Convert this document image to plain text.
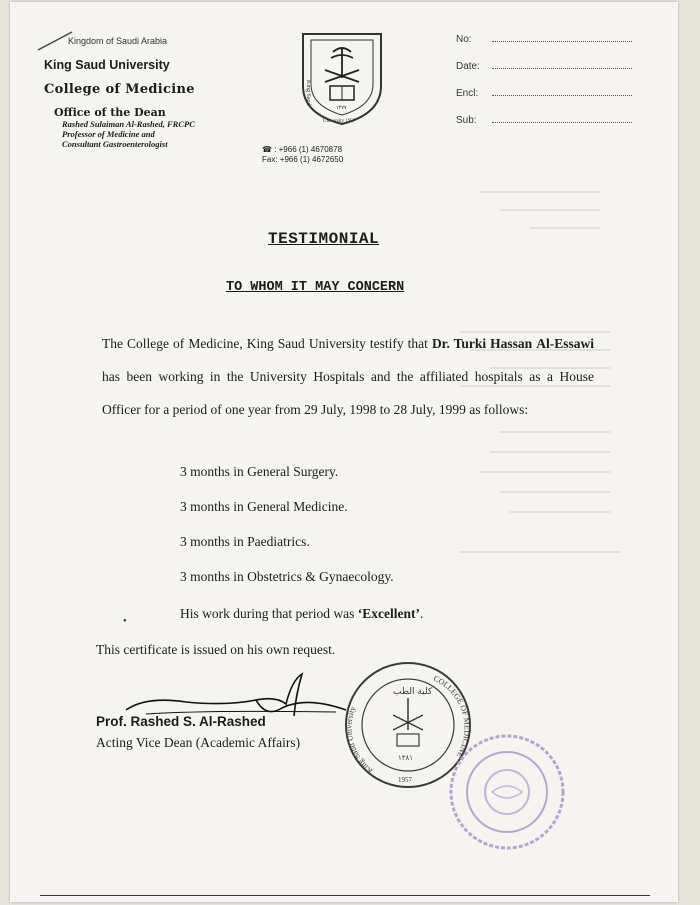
Kingdom of Saudi Arabia
King Saud University
College of Medicine
Office of the Dean
Rashed Sulaiman Al-Rashed, FRCPC
Professor of Medicine and
Consultant Gastroenterologist
King Saud
University 1957
١٣٧٧
☎ : +966 (1) 4670878
Fax: +966 (1) 4672650
No:
Date:
Encl:
Sub:
TESTIMONIAL
TO WHOM IT MAY CONCERN
The College of Medicine, King Saud University testify that Dr. Turki Hassan Al-Essawi has been working in the University Hospitals and the affiliated hospitals as a House Officer for a period of one year from 29 July, 1998 to 28 July, 1999 as follows:
3 months in General Surgery.
3 months in General Medicine.
3 months in Paediatrics.
3 months in Obstetrics & Gynaecology.
•
His work during that period was ‘Excellent’.
This certificate is issued on his own request.
Prof. Rashed S. Al-Rashed
Acting Vice Dean (Academic Affairs)
King Saud University
COLLEGE OF MEDICINE
كلية الطب
١٣٨١
1957
